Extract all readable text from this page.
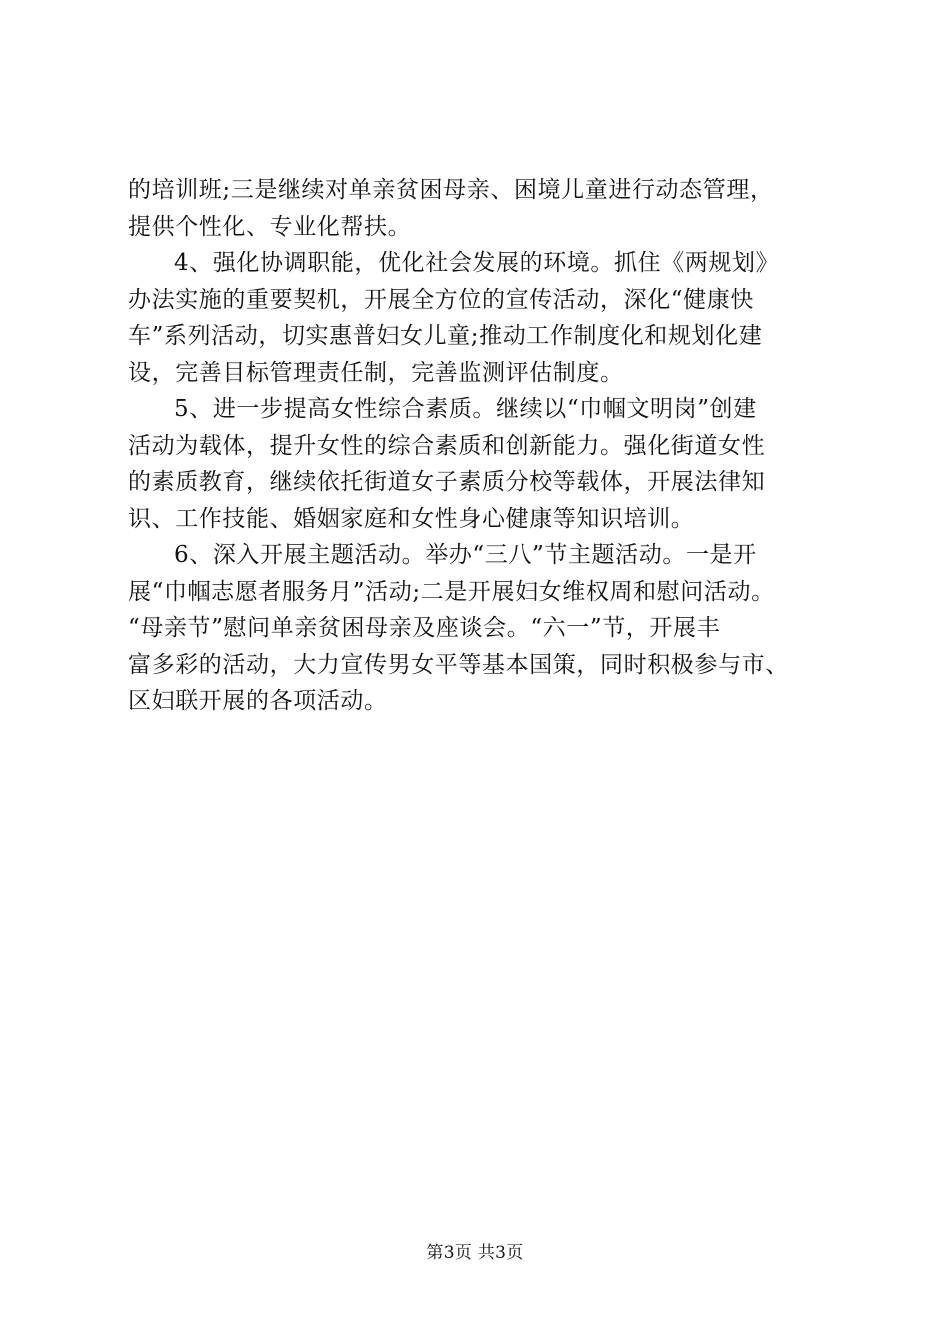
的培训班;三是继续对单亲贫困母亲、困境儿童进行动态管理，
提供个性化、专业化帮扶。
4、强化协调职能，优化社会发展的环境。抓住《两规划》
办法实施的重要契机，开展全方位的宣传活动，深化“健康快
车”系列活动，切实惠普妇女儿童;推动工作制度化和规划化建
设，完善目标管理责任制，完善监测评估制度。
5、进一步提高女性综合素质。继续以“巾帼文明岗”创建
活动为载体，提升女性的综合素质和创新能力。强化街道女性
的素质教育，继续依托街道女子素质分校等载体，开展法律知
识、工作技能、婚姻家庭和女性身心健康等知识培训。
6、深入开展主题活动。举办“三八”节主题活动。一是开
展“巾帼志愿者服务月”活动;二是开展妇女维权周和慰问活动。
“母亲节”慰问单亲贫困母亲及座谈会。“六一”节，开展丰
富多彩的活动，大力宣传男女平等基本国策，同时积极参与市、
区妇联开展的各项活动。
第3页 共3页
